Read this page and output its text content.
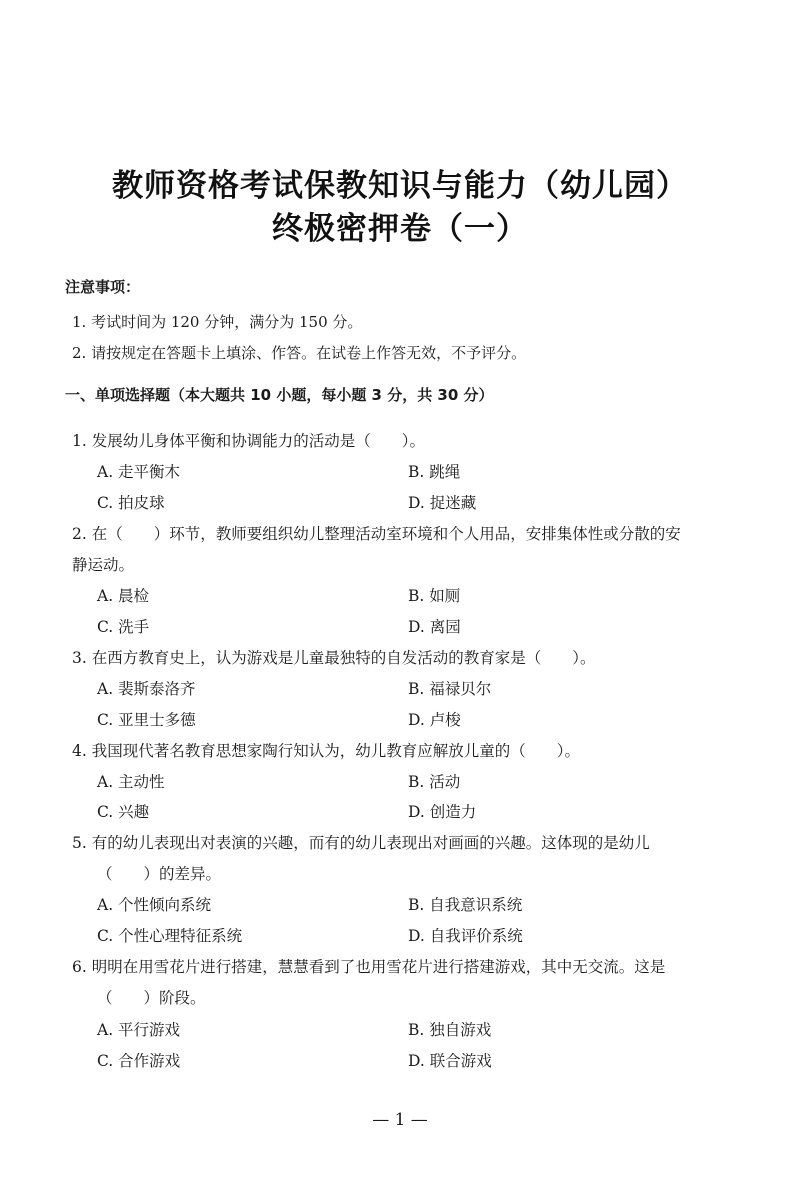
教师资格考试保教知识与能力（幼儿园）
终极密押卷（一）
注意事项：
1. 考试时间为 120 分钟，满分为 150 分。
2. 请按规定在答题卡上填涂、作答。在试卷上作答无效，不予评分。
一、单项选择题（本大题共 10 小题，每小题 3 分，共 30 分）
1. 发展幼儿身体平衡和协调能力的活动是（　　）。
A. 走平衡木	B. 跳绳
C. 拍皮球	D. 捉迷藏
2. 在（　　）环节，教师要组织幼儿整理活动室环境和个人用品，安排集体性或分散的安
静运动。
A. 晨检	B. 如厕
C. 洗手	D. 离园
3. 在西方教育史上，认为游戏是儿童最独特的自发活动的教育家是（　　）。
A. 裴斯泰洛齐	B. 福禄贝尔
C. 亚里士多德	D. 卢梭
4. 我国现代著名教育思想家陶行知认为，幼儿教育应解放儿童的（　　）。
A. 主动性	B. 活动
C. 兴趣	D. 创造力
5. 有的幼儿表现出对表演的兴趣，而有的幼儿表现出对画画的兴趣。这体现的是幼儿
（　　）的差异。
A. 个性倾向系统	B. 自我意识系统
C. 个性心理特征系统	D. 自我评价系统
6. 明明在用雪花片进行搭建，慧慧看到了也用雪花片进行搭建游戏，其中无交流。这是
（　　）阶段。
A. 平行游戏	B. 独自游戏
C. 合作游戏	D. 联合游戏
— 1 —
